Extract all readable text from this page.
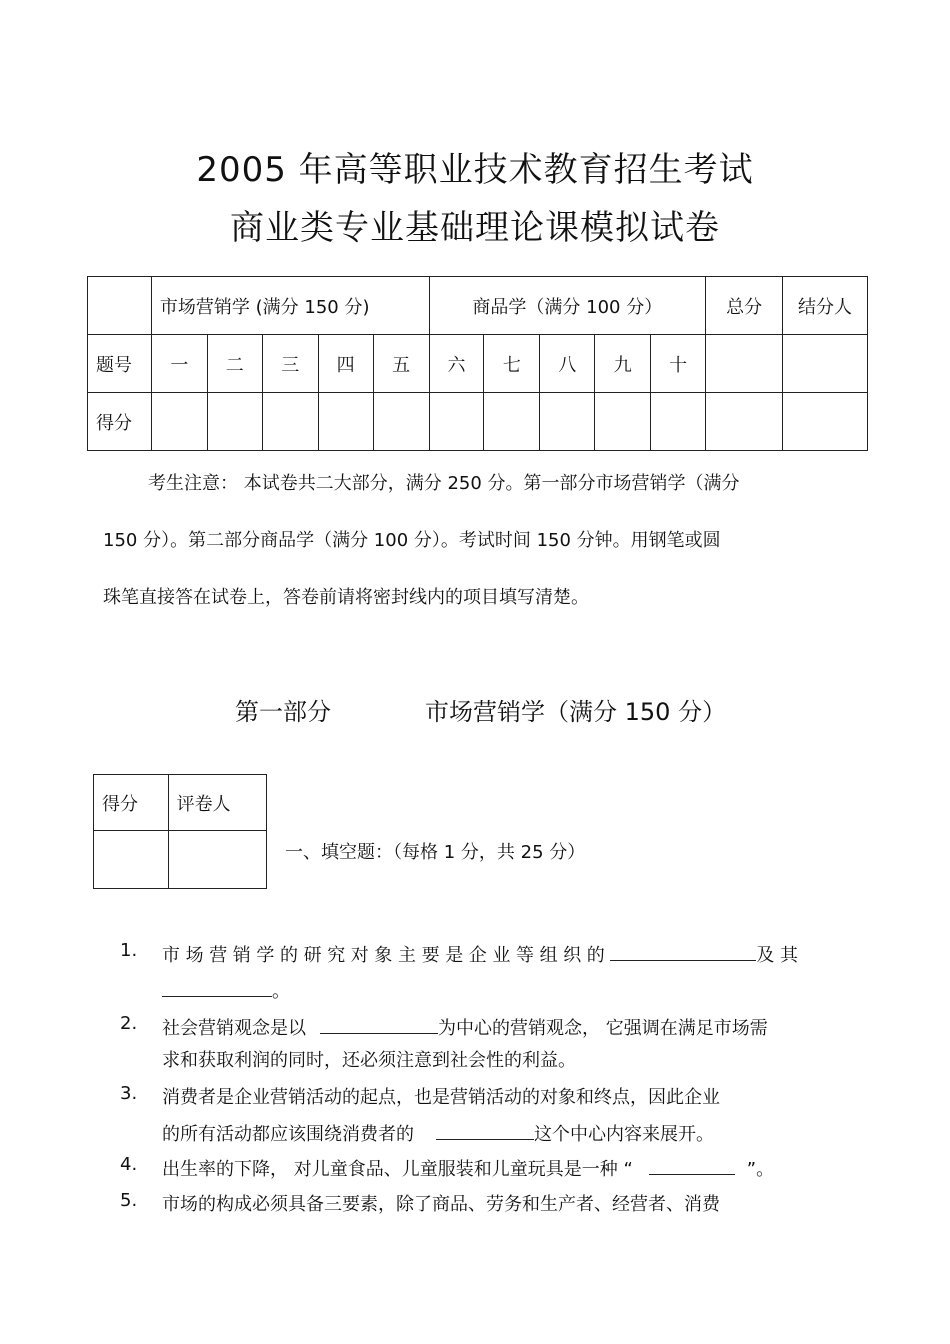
2005 年高等职业技术教育招生考试
商业类专业基础理论课模拟试卷
	市场营销学 (满分 150 分)					商品学（满分 100 分）					总分	结分人
题号	一	二	三	四	五	六	七	八	九	十		
得分												
考生注意： 本试卷共二大部分，满分 250 分。第一部分市场营销学（满分
150 分）。第二部分商品学（满分 100 分）。考试时间 150 分钟。用钢笔或圆
珠笔直接答在试卷上，答卷前请将密封线内的项目填写清楚。
第一部分	市场营销学（满分 150 分）
得分	评卷人

一、填空题：（每格 1 分，共 25 分）
1. 市场营销学的研究对象主要是企业等组织的	及其
。
2. 社会营销观念是以	为中心的营销观念， 它强调在满足市场需
求和获取利润的同时，还必须注意到社会性的利益。
3. 消费者是企业营销活动的起点，也是营销活动的对象和终点，因此企业
的所有活动都应该围绕消费者的	这个中心内容来展开。
4. 出生率的下降， 对儿童食品、儿童服装和儿童玩具是一种 “	”。
5. 市场的构成必须具备三要素，除了商品、劳务和生产者、经营者、消费
